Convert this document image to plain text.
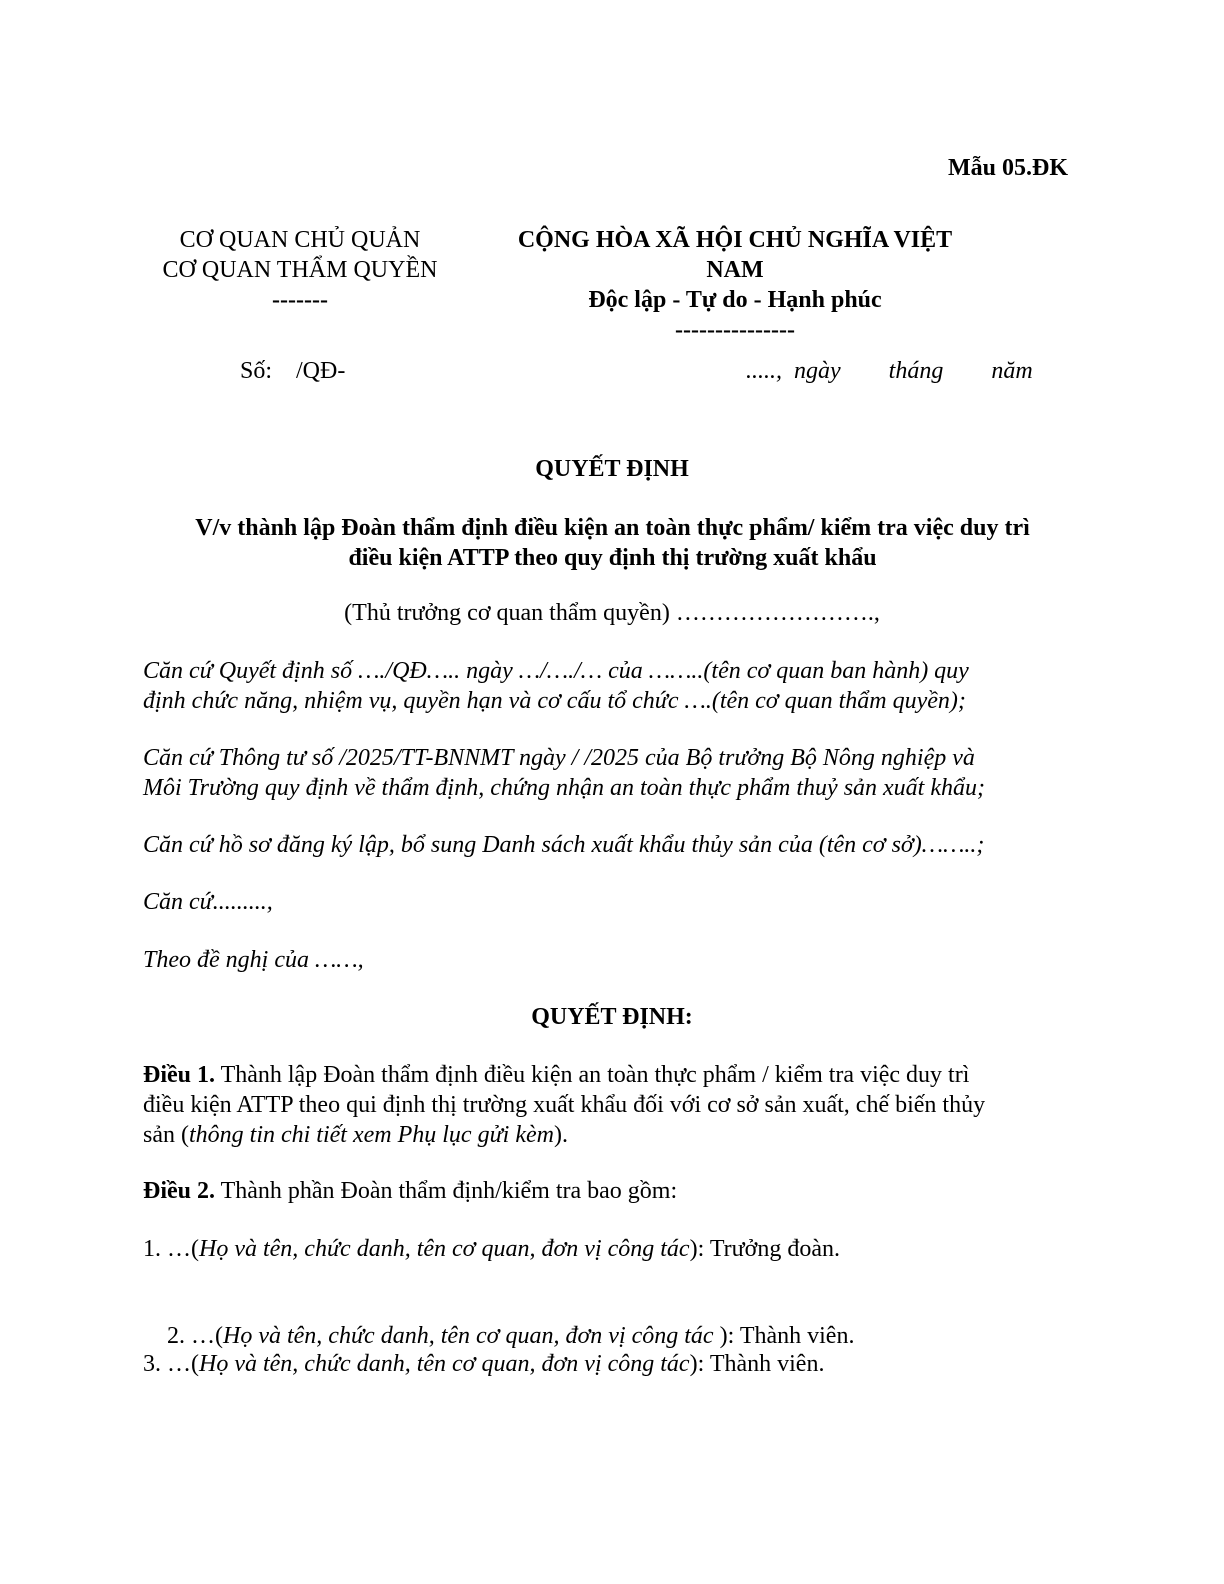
Mẫu 05.ĐK
CƠ QUAN CHỦ QUẢN
CƠ QUAN THẨM QUYỀN
-------
CỘNG HÒA XÃ HỘI CHỦ NGHĨA VIỆT
NAM
Độc lập - Tự do - Hạnh phúc
---------------
Số:    /QĐ-	....., ngày    tháng    năm
QUYẾT ĐỊNH
V/v thành lập Đoàn thẩm định điều kiện an toàn thực phẩm/ kiểm tra việc duy trì
điều kiện ATTP theo quy định thị trường xuất khẩu
(Thủ trưởng cơ quan thẩm quyền) …………………….,
Căn cứ Quyết định số …./QĐ….. ngày …/…./… của ……..(tên cơ quan ban hành) quy
định chức năng, nhiệm vụ, quyền hạn và cơ cấu tổ chức ….(tên cơ quan thẩm quyền);
Căn cứ Thông tư số /2025/TT-BNNMT ngày / /2025 của Bộ trưởng Bộ Nông nghiệp và
Môi Trường quy định về thẩm định, chứng nhận an toàn thực phẩm thuỷ sản xuất khẩu;
Căn cứ hồ sơ đăng ký lập, bổ sung Danh sách xuất khẩu thủy sản của (tên cơ sở)……..;
Căn cứ.........,
Theo đề nghị của ……,
QUYẾT ĐỊNH:
Điều 1. Thành lập Đoàn thẩm định điều kiện an toàn thực phẩm / kiểm tra việc duy trì
điều kiện ATTP theo qui định thị trường xuất khẩu đối với cơ sở sản xuất, chế biến thủy
sản (thông tin chi tiết xem Phụ lục gửi kèm).
Điều 2. Thành phần Đoàn thẩm định/kiểm tra bao gồm:
1. …(Họ và tên, chức danh, tên cơ quan, đơn vị công tác): Trưởng đoàn.

2. …(Họ và tên, chức danh, tên cơ quan, đơn vị công tác ): Thành viên.

3. …(Họ và tên, chức danh, tên cơ quan, đơn vị công tác): Thành viên.
